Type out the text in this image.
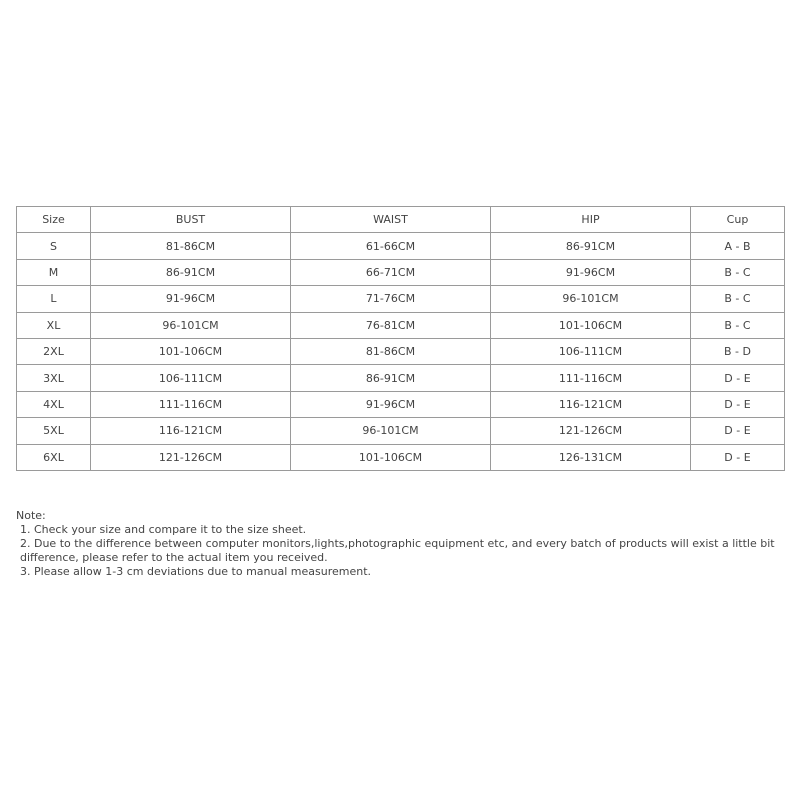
Size	BUST	WAIST	HIP	Cup
S	81-86CM	61-66CM	86-91CM	A - B
M	86-91CM	66-71CM	91-96CM	B - C
L	91-96CM	71-76CM	96-101CM	B - C
XL	96-101CM	76-81CM	101-106CM	B - C
2XL	101-106CM	81-86CM	106-111CM	B - D
3XL	106-111CM	86-91CM	111-116CM	D - E
4XL	111-116CM	91-96CM	116-121CM	D - E
5XL	116-121CM	96-101CM	121-126CM	D - E
6XL	121-126CM	101-106CM	126-131CM	D - E

Note:

1. Check your size and compare it to the size sheet.

2. Due to the difference between computer monitors,lights,photographic equipment etc, and every batch of products will exist a little bit difference, please refer to the actual item you received.

3. Please allow 1-3 cm deviations due to manual measurement.
